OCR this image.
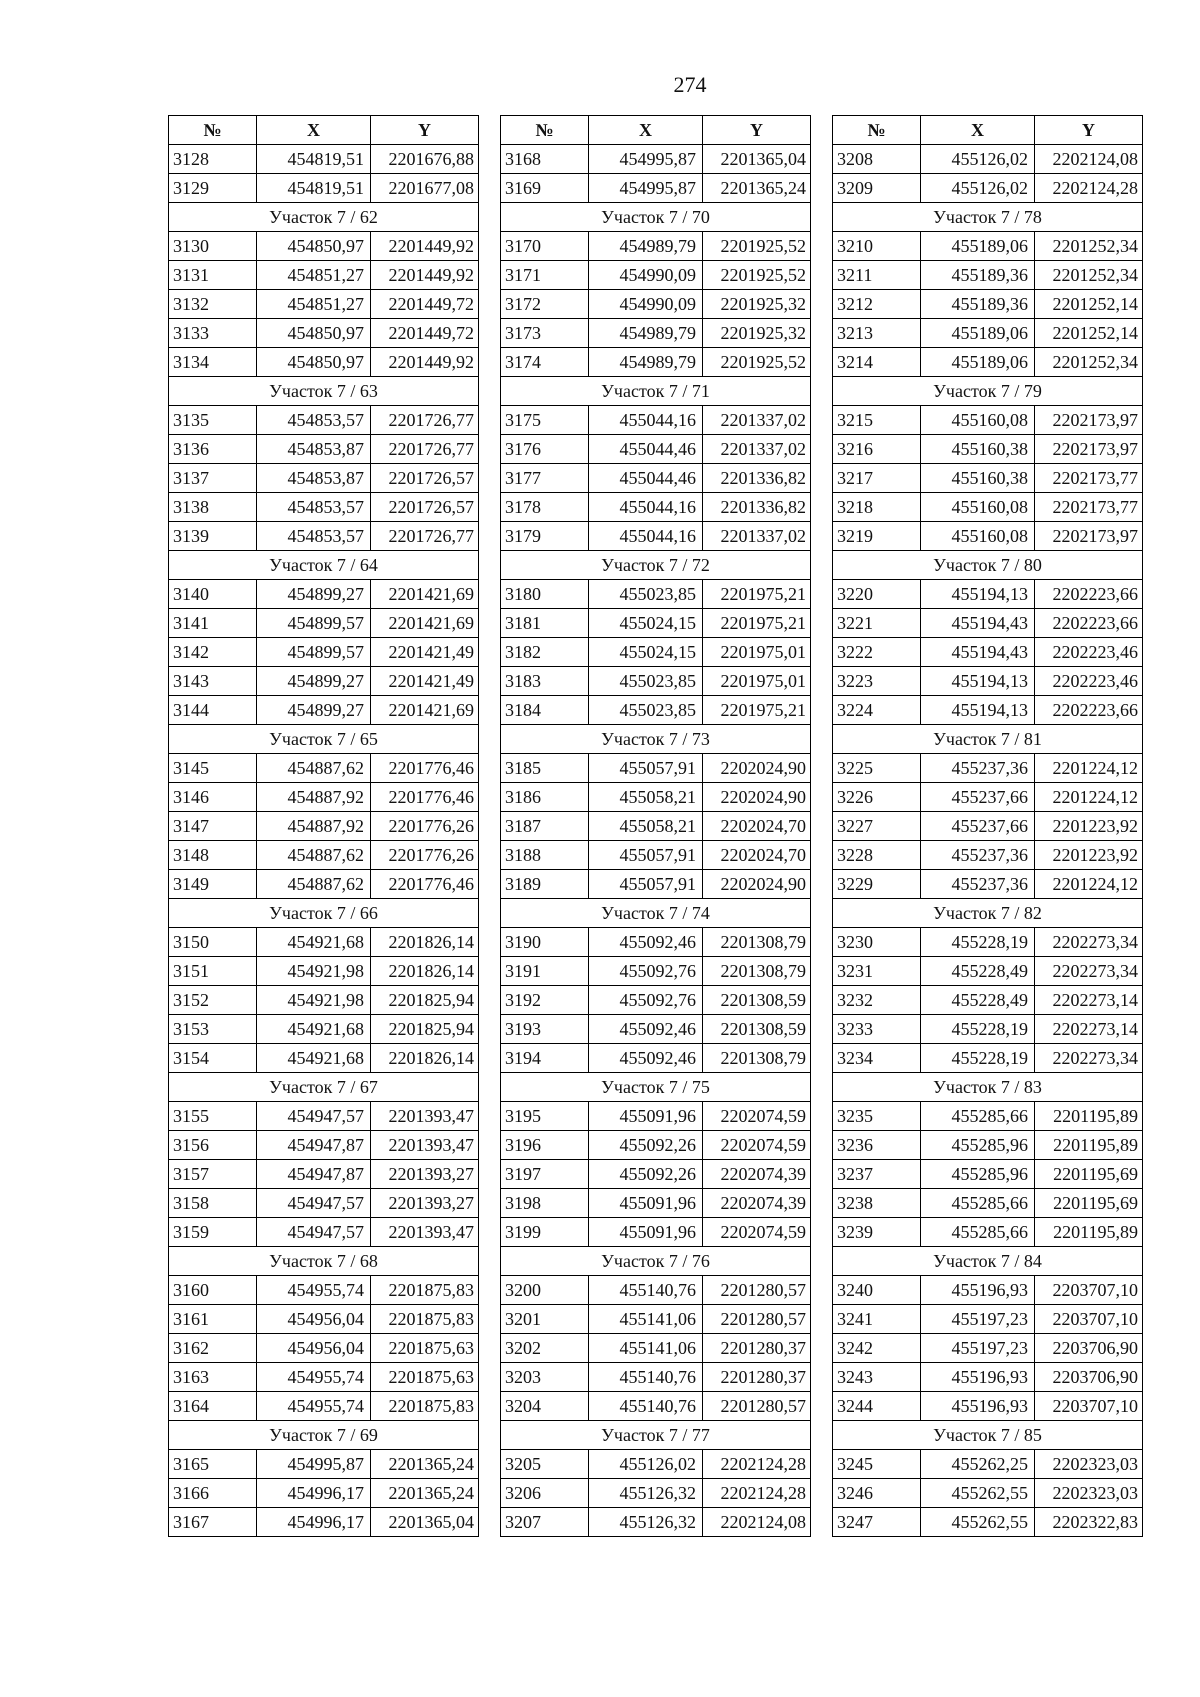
274
№	X	Y
3128	454819,51	2201676,88
3129	454819,51	2201677,08
Участок 7 / 62		
3130	454850,97	2201449,92
3131	454851,27	2201449,92
3132	454851,27	2201449,72
3133	454850,97	2201449,72
3134	454850,97	2201449,92
Участок 7 / 63		
3135	454853,57	2201726,77
3136	454853,87	2201726,77
3137	454853,87	2201726,57
3138	454853,57	2201726,57
3139	454853,57	2201726,77
Участок 7 / 64		
3140	454899,27	2201421,69
3141	454899,57	2201421,69
3142	454899,57	2201421,49
3143	454899,27	2201421,49
3144	454899,27	2201421,69
Участок 7 / 65		
3145	454887,62	2201776,46
3146	454887,92	2201776,46
3147	454887,92	2201776,26
3148	454887,62	2201776,26
3149	454887,62	2201776,46
Участок 7 / 66		
3150	454921,68	2201826,14
3151	454921,98	2201826,14
3152	454921,98	2201825,94
3153	454921,68	2201825,94
3154	454921,68	2201826,14
Участок 7 / 67		
3155	454947,57	2201393,47
3156	454947,87	2201393,47
3157	454947,87	2201393,27
3158	454947,57	2201393,27
3159	454947,57	2201393,47
Участок 7 / 68		
3160	454955,74	2201875,83
3161	454956,04	2201875,83
3162	454956,04	2201875,63
3163	454955,74	2201875,63
3164	454955,74	2201875,83
Участок 7 / 69		
3165	454995,87	2201365,24
3166	454996,17	2201365,24
3167	454996,17	2201365,04
№	X	Y
3168	454995,87	2201365,04
3169	454995,87	2201365,24
Участок 7 / 70		
3170	454989,79	2201925,52
3171	454990,09	2201925,52
3172	454990,09	2201925,32
3173	454989,79	2201925,32
3174	454989,79	2201925,52
Участок 7 / 71		
3175	455044,16	2201337,02
3176	455044,46	2201337,02
3177	455044,46	2201336,82
3178	455044,16	2201336,82
3179	455044,16	2201337,02
Участок 7 / 72		
3180	455023,85	2201975,21
3181	455024,15	2201975,21
3182	455024,15	2201975,01
3183	455023,85	2201975,01
3184	455023,85	2201975,21
Участок 7 / 73		
3185	455057,91	2202024,90
3186	455058,21	2202024,90
3187	455058,21	2202024,70
3188	455057,91	2202024,70
3189	455057,91	2202024,90
Участок 7 / 74		
3190	455092,46	2201308,79
3191	455092,76	2201308,79
3192	455092,76	2201308,59
3193	455092,46	2201308,59
3194	455092,46	2201308,79
Участок 7 / 75		
3195	455091,96	2202074,59
3196	455092,26	2202074,59
3197	455092,26	2202074,39
3198	455091,96	2202074,39
3199	455091,96	2202074,59
Участок 7 / 76		
3200	455140,76	2201280,57
3201	455141,06	2201280,57
3202	455141,06	2201280,37
3203	455140,76	2201280,37
3204	455140,76	2201280,57
Участок 7 / 77		
3205	455126,02	2202124,28
3206	455126,32	2202124,28
3207	455126,32	2202124,08
№	X	Y
3208	455126,02	2202124,08
3209	455126,02	2202124,28
Участок 7 / 78		
3210	455189,06	2201252,34
3211	455189,36	2201252,34
3212	455189,36	2201252,14
3213	455189,06	2201252,14
3214	455189,06	2201252,34
Участок 7 / 79		
3215	455160,08	2202173,97
3216	455160,38	2202173,97
3217	455160,38	2202173,77
3218	455160,08	2202173,77
3219	455160,08	2202173,97
Участок 7 / 80		
3220	455194,13	2202223,66
3221	455194,43	2202223,66
3222	455194,43	2202223,46
3223	455194,13	2202223,46
3224	455194,13	2202223,66
Участок 7 / 81		
3225	455237,36	2201224,12
3226	455237,66	2201224,12
3227	455237,66	2201223,92
3228	455237,36	2201223,92
3229	455237,36	2201224,12
Участок 7 / 82		
3230	455228,19	2202273,34
3231	455228,49	2202273,34
3232	455228,49	2202273,14
3233	455228,19	2202273,14
3234	455228,19	2202273,34
Участок 7 / 83		
3235	455285,66	2201195,89
3236	455285,96	2201195,89
3237	455285,96	2201195,69
3238	455285,66	2201195,69
3239	455285,66	2201195,89
Участок 7 / 84		
3240	455196,93	2203707,10
3241	455197,23	2203707,10
3242	455197,23	2203706,90
3243	455196,93	2203706,90
3244	455196,93	2203707,10
Участок 7 / 85		
3245	455262,25	2202323,03
3246	455262,55	2202323,03
3247	455262,55	2202322,83
